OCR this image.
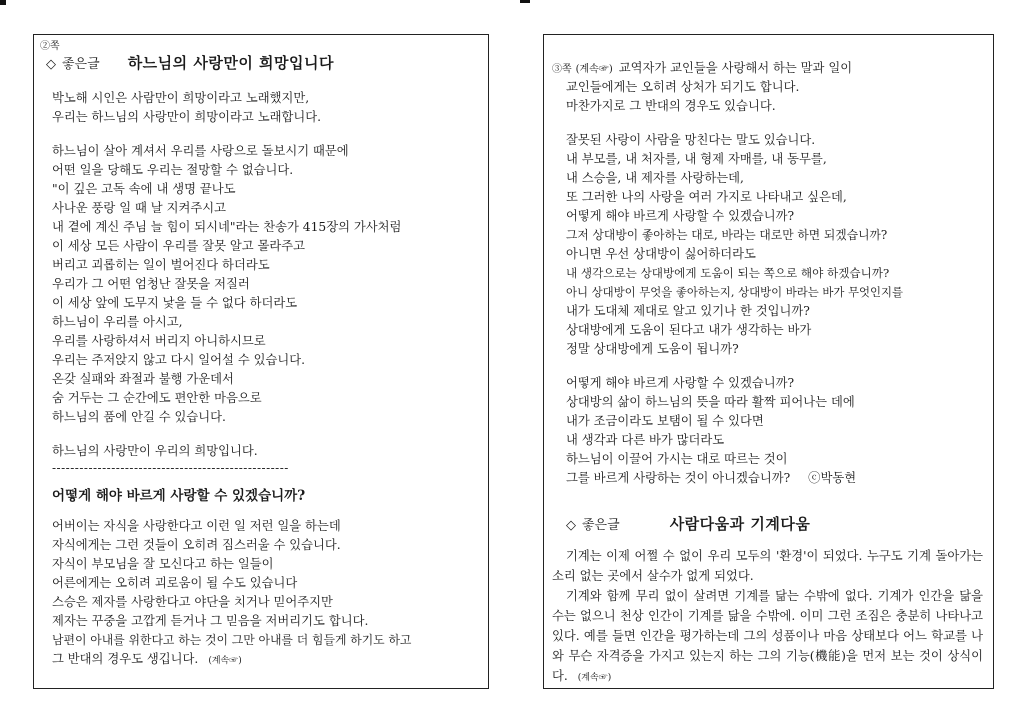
②쪽
◇ 좋은글 하느님의 사랑만이 희망입니다
박노해 시인은 사람만이 희망이라고 노래했지만,
우리는 하느님의 사랑만이 희망이라고 노래합니다.
하느님이 살아 계셔서 우리를 사랑으로 돌보시기 때문에
어떤 일을 당해도 우리는 절망할 수 없습니다.
"이 깊은 고독 속에 내 생명 끝나도
사나운 풍랑 일 때 날 지켜주시고
내 곁에 계신 주님 늘 힘이 되시네"라는 찬송가 415장의 가사처럼
이 세상 모든 사람이 우리를 잘못 알고 몰라주고
버리고 괴롭히는 일이 벌어진다 하더라도
우리가 그 어떤 엄청난 잘못을 저질러
이 세상 앞에 도무지 낯을 들 수 없다 하더라도
하느님이 우리를 아시고,
우리를 사랑하셔서 버리지 아니하시므로
우리는 주저앉지 않고 다시 일어설 수 있습니다.
온갖 실패와 좌절과 불행 가운데서
숨 거두는 그 순간에도 편안한 마음으로
하느님의 품에 안길 수 있습니다.
하느님의 사랑만이 우리의 희망입니다.
----------------------------------------------------
어떻게 해야 바르게 사랑할 수 있겠습니까?
어버이는 자식을 사랑한다고 이런 일 저런 일을 하는데
자식에게는 그런 것들이 오히려 짐스러울 수 있습니다.
자식이 부모님을 잘 모신다고 하는 일들이
어른에게는 오히려 괴로움이 될 수도 있습니다
스승은 제자를 사랑한다고 야단을 치거나 믿어주지만
제자는 꾸중을 고깝게 듣거나 그 믿음을 저버리기도 합니다.
남편이 아내를 위한다고 하는 것이 그만 아내를 더 힘들게 하기도 하고
그 반대의 경우도 생깁니다. (계속☞)
③쪽 (계속☞) 교역자가 교인들을 사랑해서 하는 말과 일이
교인들에게는 오히려 상처가 되기도 합니다.
마찬가지로 그 반대의 경우도 있습니다.
잘못된 사랑이 사람을 망친다는 말도 있습니다.
내 부모를, 내 처자를, 내 형제 자매를, 내 동무를,
내 스승을, 내 제자를 사랑하는데,
또 그러한 나의 사랑을 여러 가지로 나타내고 싶은데,
어떻게 해야 바르게 사랑할 수 있겠습니까?
그저 상대방이 좋아하는 대로, 바라는 대로만 하면 되겠습니까?
아니면 우선 상대방이 싫어하더라도
내 생각으로는 상대방에게 도움이 되는 쪽으로 해야 하겠습니까?
아니 상대방이 무엇을 좋아하는지, 상대방이 바라는 바가 무엇인지를
내가 도대체 제대로 알고 있기나 한 것입니까?
상대방에게 도움이 된다고 내가 생각하는 바가
정말 상대방에게 도움이 됩니까?
어떻게 해야 바르게 사랑할 수 있겠습니까?
상대방의 삶이 하느님의 뜻을 따라 활짝 피어나는 데에
내가 조금이라도 보탬이 될 수 있다면
내 생각과 다른 바가 많더라도
하느님이 이끌어 가시는 대로 따르는 것이
그를 바르게 사랑하는 것이 아니겠습니까? ⓒ박동현
◇ 좋은글	사람다움과 기계다움
기계는 이제 어쩔 수 없이 우리 모두의 '환경'이 되었다. 누구도 기계 돌아가는 소리 없는 곳에서 살수가 없게 되었다.
기계와 함께 무리 없이 살려면 기계를 닮는 수밖에 없다. 기계가 인간을 닮을 수는 없으니 천상 인간이 기계를 닮을 수밖에. 이미 그런 조짐은 충분히 나타나고 있다. 예를 들면 인간을 평가하는데 그의 성품이나 마음 상태보다 어느 학교를 나와 무슨 자격증을 가지고 있는지 하는 그의 기능(機能)을 먼저 보는 것이 상식이다. (계속☞)
